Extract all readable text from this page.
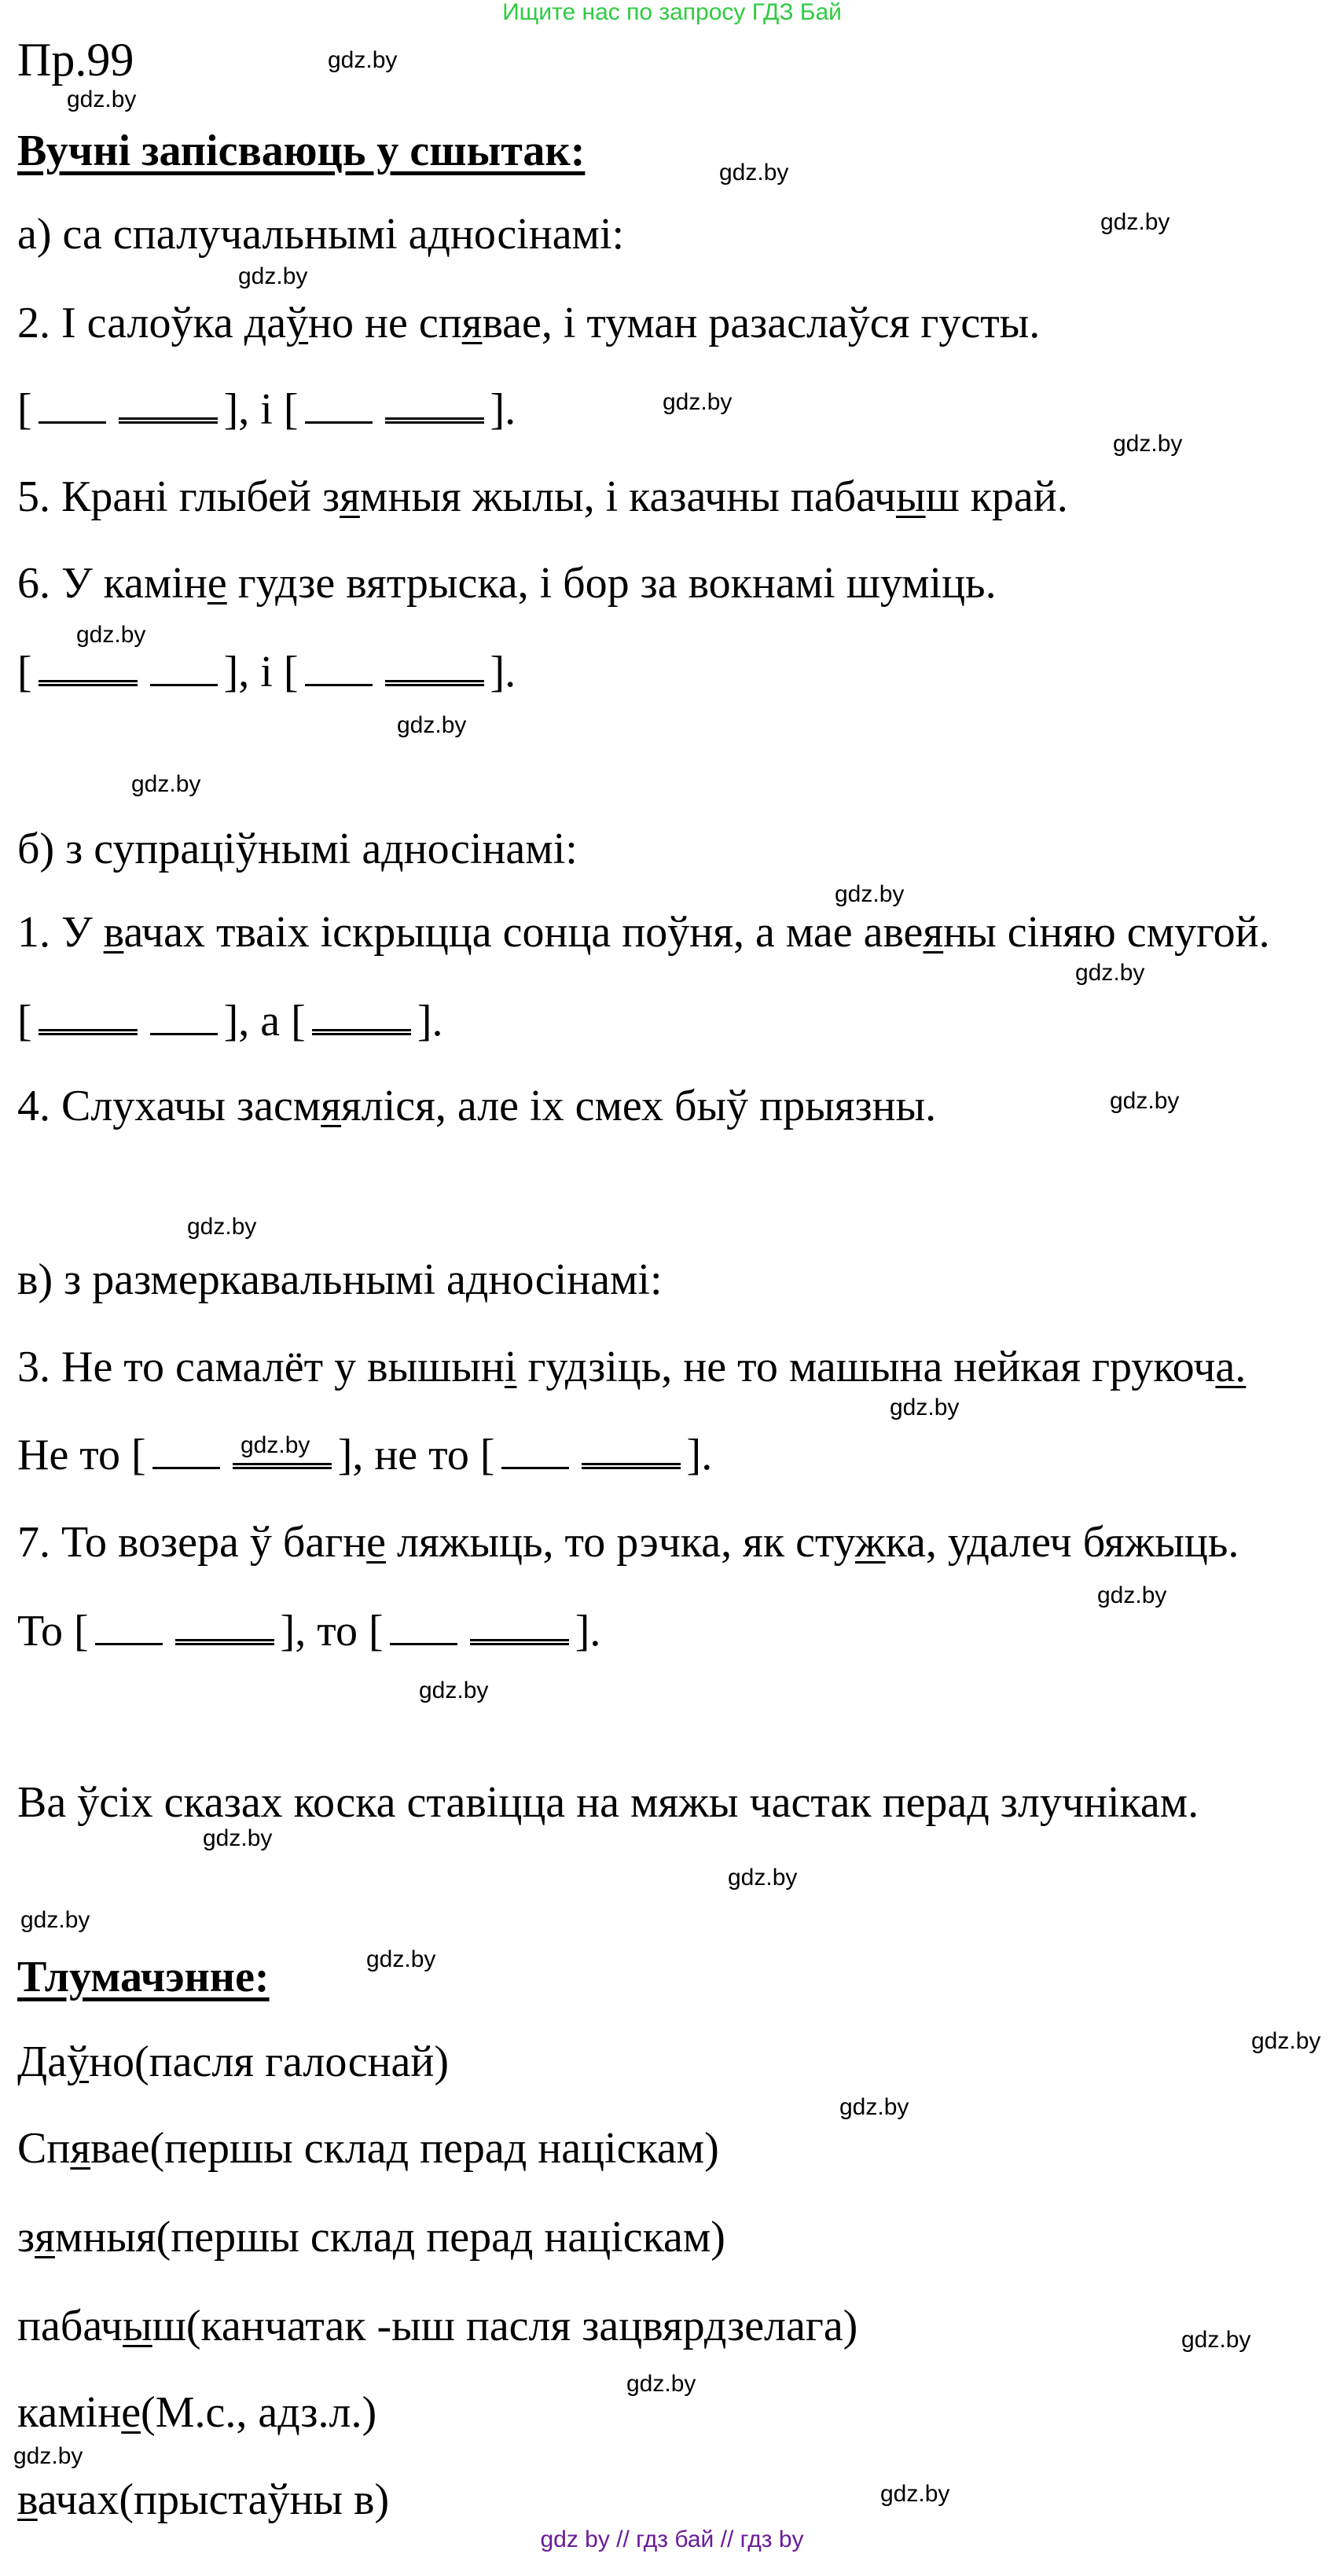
Ищите нас по запросу ГДЗ Бай
Пр.99
Вучні запісваюць у сшытак:
а) са спалучальнымі адносінамі:
2. І салоўка даўно не спявае, і туман разаслаўся густы.
[	], і [	].
5. Крані глыбей зямныя жылы, і казачны пабачыш край.
6. У каміне гудзе вятрыска, і бор за вокнамі шуміць.
[	], і [	].
б) з супраціўнымі адносінамі:
1. У вачах тваіх іскрыцца сонца поўня, а мае авеяны сіняю смугой.
[	], а [	].
4. Слухачы засмяяліся, але іх смех быў прыязны.
в) з размеркавальнымі адносінамі:
3. Не то самалёт у вышыні гудзіць, не то машына нейкая грукоча.
Не то [	], не то [	].
7. То возера ў багне ляжыць, то рэчка, як стужка, удалеч бяжыць.
То [	], то [	].
Ва ўсіх сказах коска ставіцца на мяжы частак перад злучнікам.
Тлумачэнне:
Даўно(пасля галоснай)
Спявае(першы склад перад націскам)
зямныя(першы склад перад націскам)
пабачыш(канчатак -ыш пасля зацвярдзелага)
каміне(М.с., адз.л.)
вачах(прыстаўны в)
gdz.by
gdz.by
gdz.by
gdz.by
gdz.by
gdz.by
gdz.by
gdz.by
gdz.by
gdz.by
gdz.by
gdz.by
gdz.by
gdz.by
gdz.by
gdz.by
gdz.by
gdz.by
gdz.by
gdz.by
gdz.by
gdz.by
gdz.by
gdz.by
gdz.by
gdz.by
gdz.by
gdz.by
gdz by // гдз бай // гдз by
